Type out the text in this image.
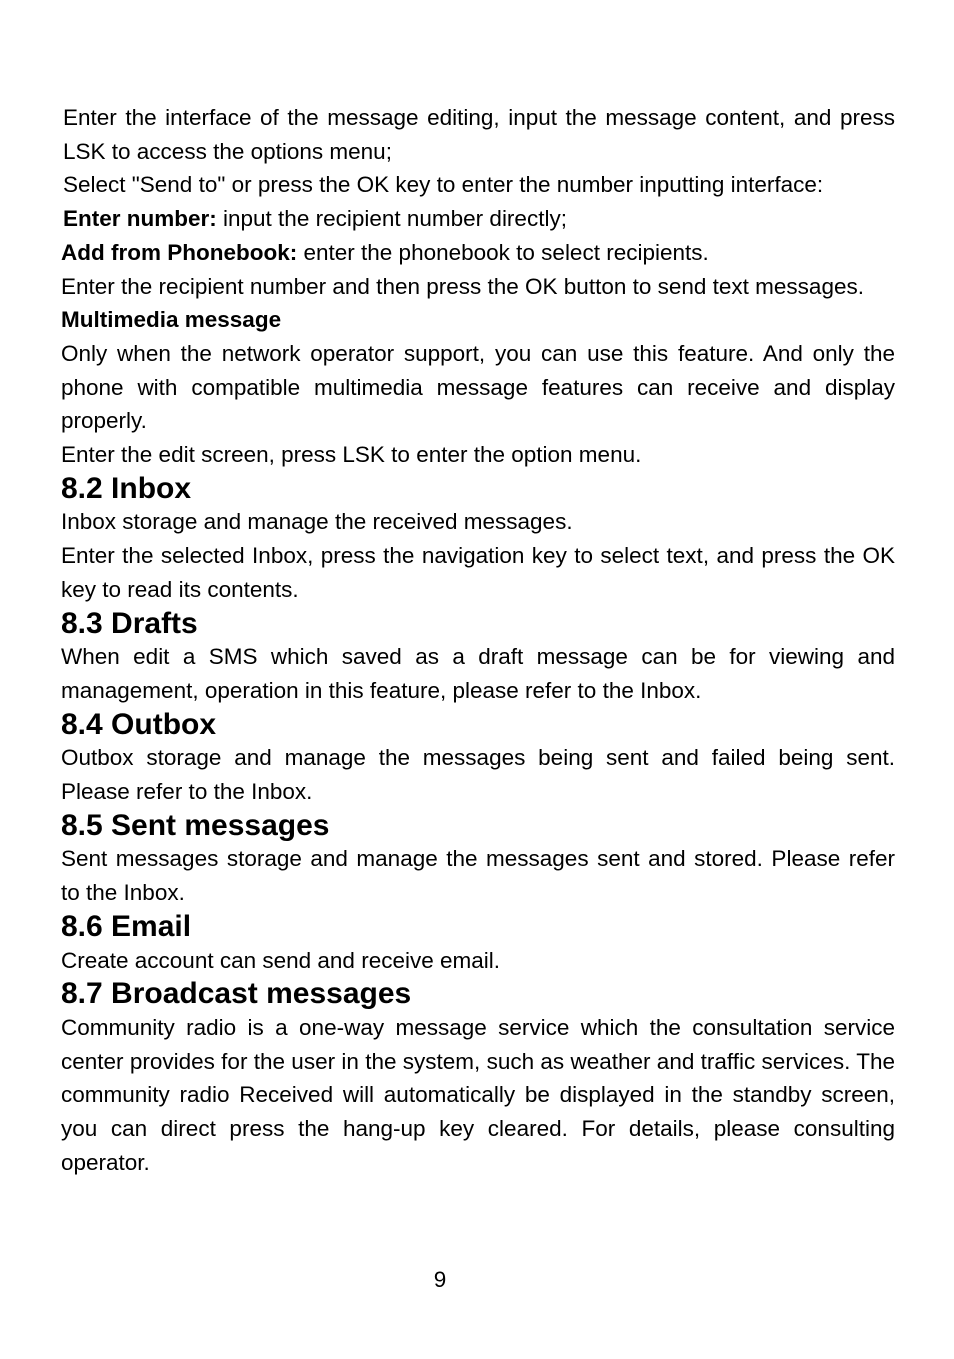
Enter the interface of the message editing, input the message content, and press LSK to access the options menu;

Select "Send to" or press the OK key to enter the number inputting interface:

Enter number: input the recipient number directly;

Add from Phonebook: enter the phonebook to select recipients.

Enter the recipient number and then press the OK button to send text messages.

Multimedia message

Only when the network operator support, you can use this feature. And only the phone with compatible multimedia message features can receive and display properly.

Enter the edit screen, press LSK to enter the option menu.

8.2 Inbox

Inbox storage and manage the received messages.

Enter the selected Inbox, press the navigation key to select text, and press the OK key to read its contents.

8.3 Drafts

When edit a SMS which saved as a draft message can be for viewing and management, operation in this feature, please refer to the Inbox.

8.4 Outbox

Outbox storage and manage the messages being sent and failed being sent. Please refer to the Inbox.

8.5 Sent messages

Sent messages storage and manage the messages sent and stored. Please refer to the Inbox.

8.6 Email

Create account can send and receive email.

8.7 Broadcast messages

Community radio is a one-way message service which the consultation service center provides for the user in the system, such as weather and traffic services. The community radio Received will automatically be displayed in the standby screen, you can direct press the hang-up key cleared. For details, please consulting operator.

9
